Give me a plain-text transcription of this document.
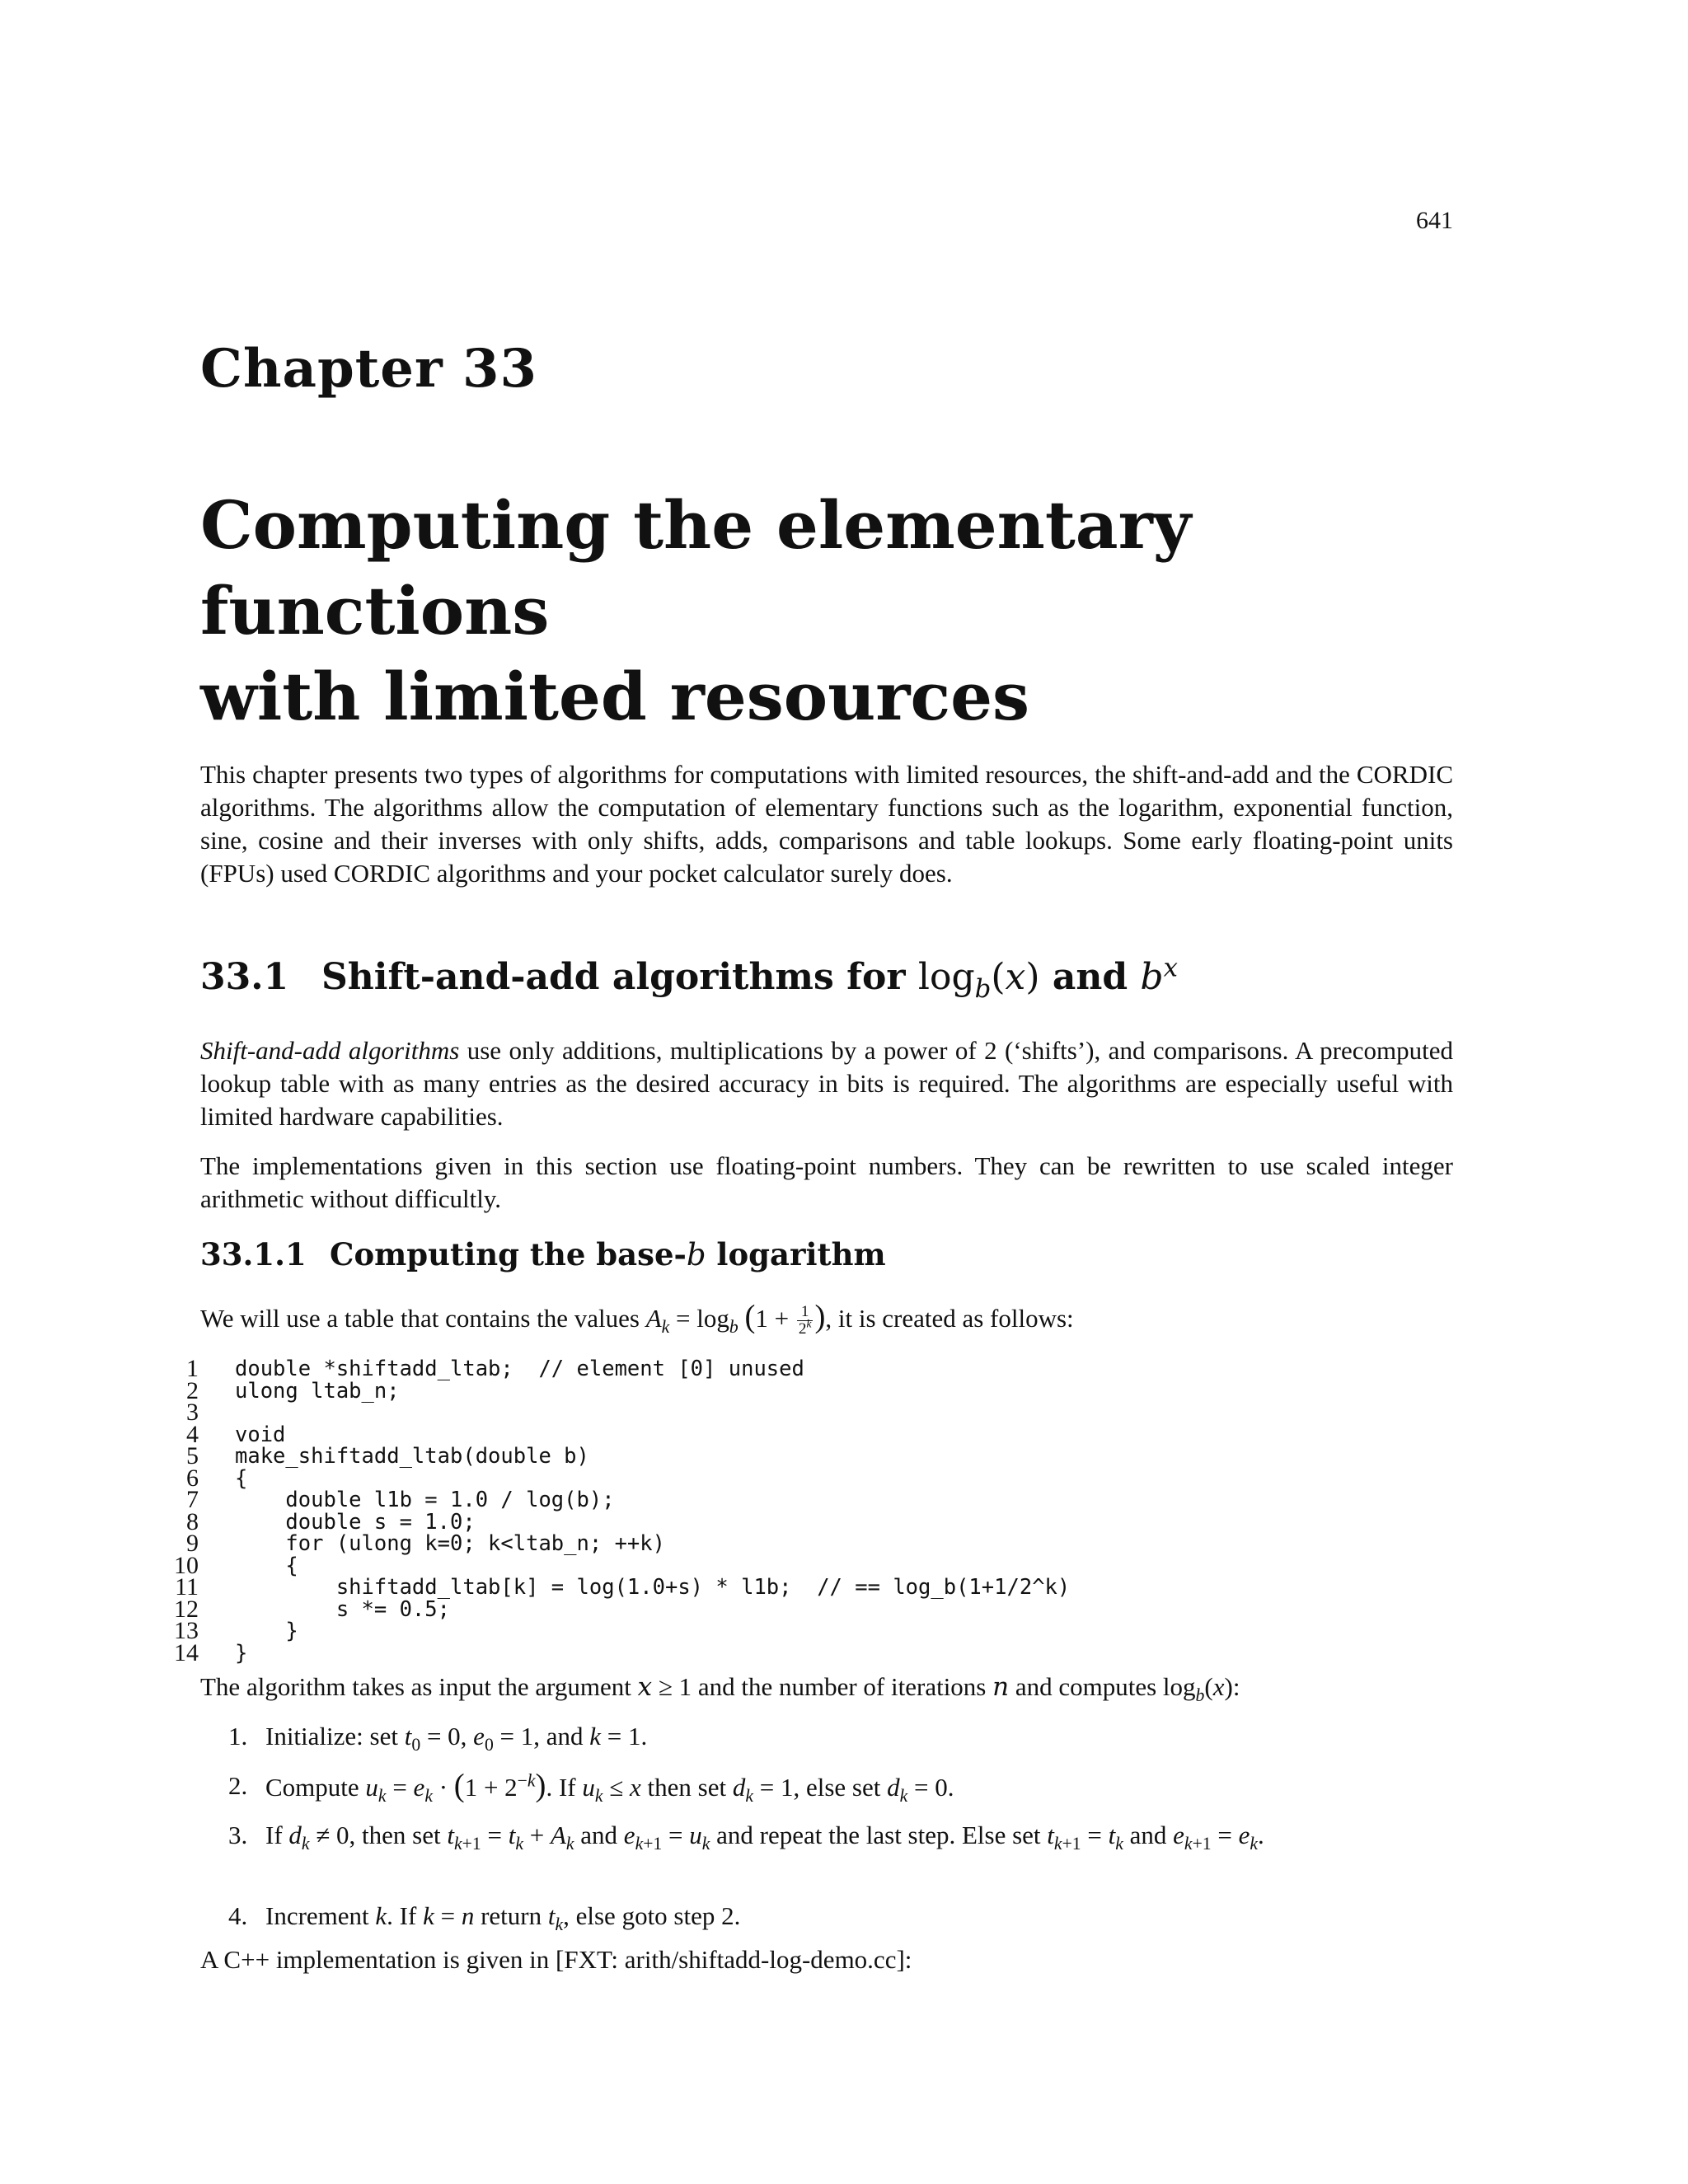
641
Chapter 33
Computing the elementary functions
with limited resources
This chapter presents two types of algorithms for computations with limited resources, the shift-and-add and the CORDIC algorithms. The algorithms allow the computation of elementary functions such as the logarithm, exponential function, sine, cosine and their inverses with only shifts, adds, comparisons and table lookups. Some early floating-point units (FPUs) used CORDIC algorithms and your pocket calculator surely does.
33.1 Shift-and-add algorithms for $\log_b(x)$ and $b^x$
Shift-and-add algorithms use only additions, multiplications by a power of 2 (‘shifts’), and comparisons. A precomputed lookup table with as many entries as the desired accuracy in bits is required. The algorithms are especially useful with limited hardware capabilities.
The implementations given in this section use floating-point numbers. They can be rewritten to use scaled integer arithmetic without difficultly.
33.1.1 Computing the base-b logarithm
We will use a table that contains the values $A_k = \log_b (1 + \frac{1}{2^k}$ ), it is created as follows:
1 double *shiftadd_ltab;  // element [0] unused
2 ulong ltab_n;
3
4 void
5 make_shiftadd_ltab(double b)
6 {
7 double l1b = 1.0 / log(b);
8 double s = 1.0;
9 for (ulong k=0; k<ltab_n; ++k)
10 {
11 shiftadd_ltab[k] = log(1.0+s) * l1b;  // == log_b(1+1/2^k)
12 s *= 0.5;
13 }
14 }
The algorithm takes as input the argument x ≥ 1 and the number of iterations n and computes $\log_b(x)$:
1. Initialize: set $t_0 = 0$, $e_0 = 1$, and k = 1.
2. Compute $u_k = e_k \cdot (1 + 2^{-k})$. If $u_k \le x$ then set $d_k = 1$, else set $d_k = 0$.
3. If $d_k \ne 0$, then set $t_{k+1} = t_k + A_k$ and $e_{k+1} = u_k$ and repeat the last step. Else set $t_{k+1} = t_k$ and $e_{k+1} = e_k$.
4. Increment k. If k = n return $t_k$, else goto step 2.
A C++ implementation is given in [FXT: arith/shiftadd-log-demo.cc]:
